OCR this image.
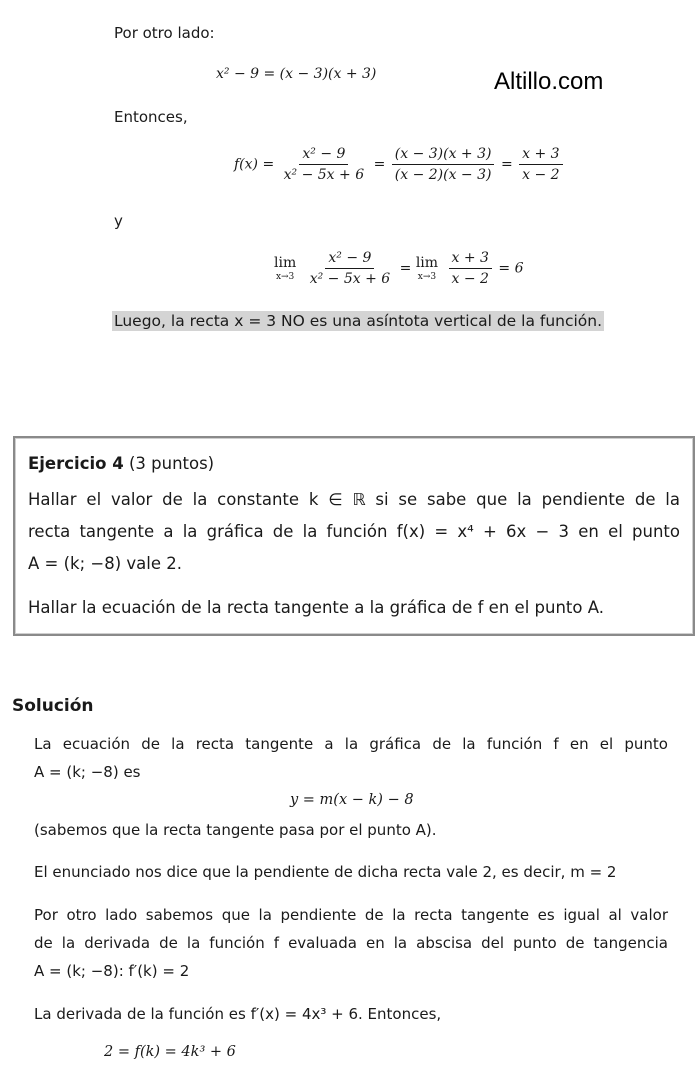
Altillo.com
Por otro lado:
x² − 9 = (x − 3)(x + 3)
Entonces,
$f(x) = \frac{\text{x² − 9}}{\text{x² − 5x + 6}} = \frac{(x - 3)(x + 3)}{(x - 2)(x - 3)} = \frac{x + 3}{x - 2}$
y
lim
x→3
$\frac{\text{x² − 9}}{\text{x² − 5x + 6}} = \lim$
x→3
$\frac{x + 3}{x - 2} = 6$
Luego, la recta x = 3 NO es una asíntota vertical de la función.
Ejercicio 4 (3 puntos)
Hallar el valor de la constante k ∈ ℝ si se sabe que la pendiente de la
recta tangente a la gráfica de la función f(x) = x⁴ + 6x − 3 en el punto
A = (k; −8) vale 2.
Hallar la ecuación de la recta tangente a la gráfica de f en el punto A.
Solución
La ecuación de la recta tangente a la gráfica de la función f en el punto
A = (k; −8) es
y = m(x − k) − 8
(sabemos que la recta tangente pasa por el punto A).
El enunciado nos dice que la pendiente de dicha recta vale 2, es decir, m = 2
Por otro lado sabemos que la pendiente de la recta tangente es igual al valor
de la derivada de la función f evaluada en la abscisa del punto de tangencia
A = (k; −8): f′(k) = 2
La derivada de la función es f′(x) = 4x³ + 6. Entonces,
2 = f(k) = 4k³ + 6
